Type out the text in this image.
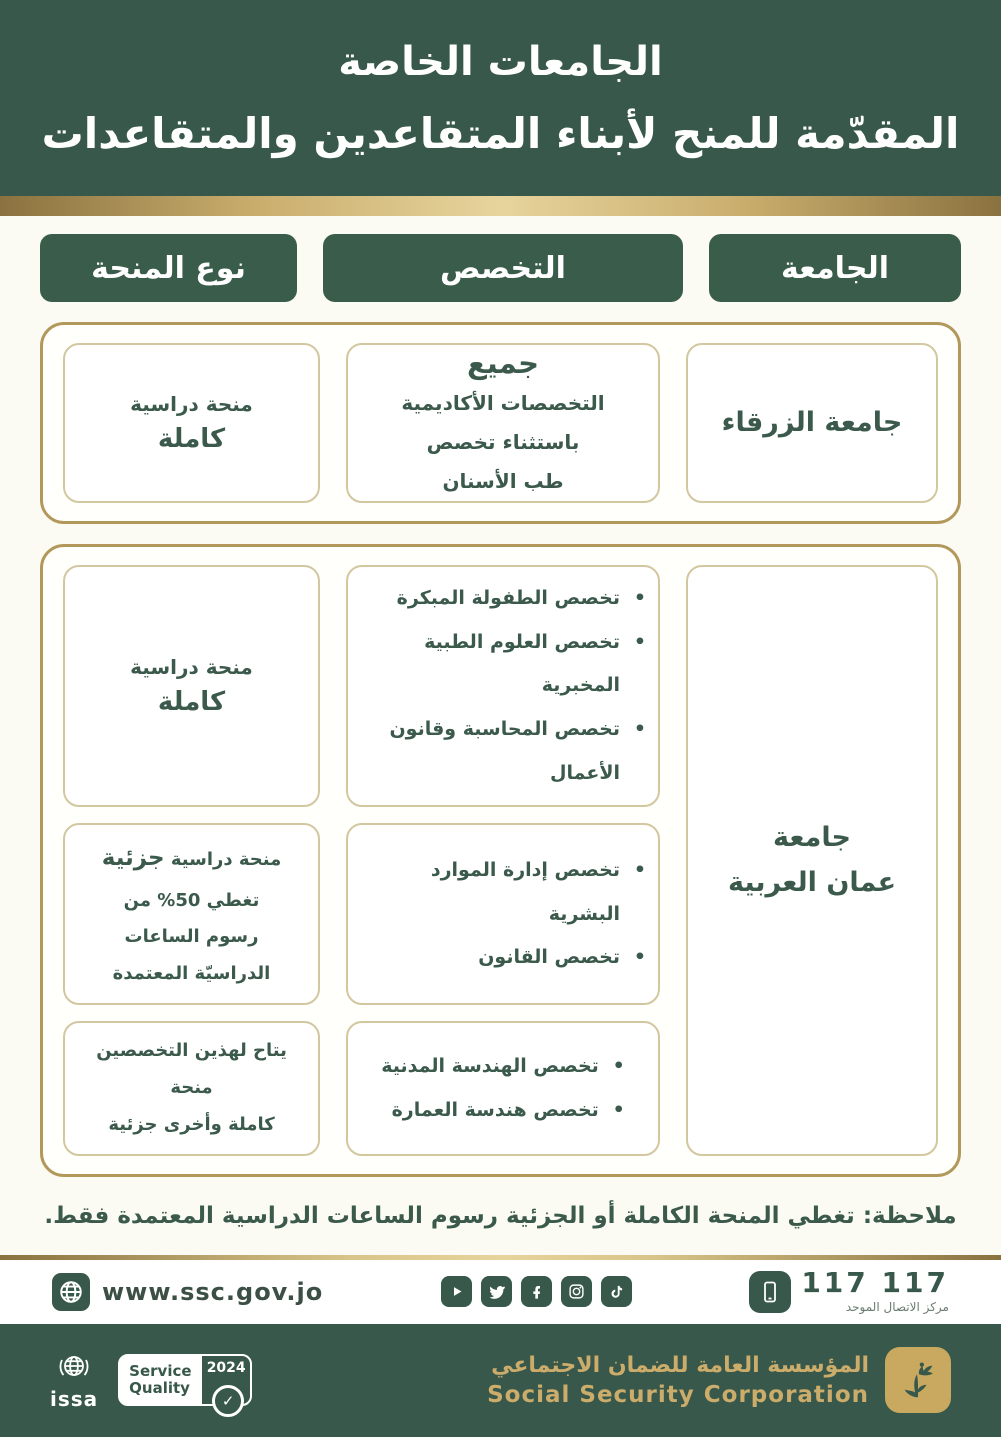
الجامعات الخاصة
المقدّمة للمنح لأبناء المتقاعدين والمتقاعدات
الجامعة
التخصص
نوع المنحة
جامعة الزرقاء
جميع
التخصصات الأكاديمية
باستثناء تخصص
طب الأسنان
منحة دراسية
كاملة
جامعة
عمان العربية
• تخصص الطفولة المبكرة
• تخصص العلوم الطبية المخبرية
• تخصص المحاسبة وقانون الأعمال
منحة دراسية
كاملة
• تخصص إدارة الموارد البشرية
• تخصص القانون
منحة دراسية جزئية
تغطي 50% من
رسوم الساعات
الدراسيّة المعتمدة
• تخصص الهندسة المدنية
• تخصص هندسة العمارة
يتاح لهذين التخصصين
منحة
كاملة وأخرى جزئية
ملاحظة: تغطي المنحة الكاملة أو الجزئية رسوم الساعات الدراسية المعتمدة فقط.
www.ssc.gov.jo	117 117
مركز الاتصال الموحد
issa
Service
Quality
2024
✓
المؤسسة العامة للضمان الاجتماعي
Social Security Corporation
